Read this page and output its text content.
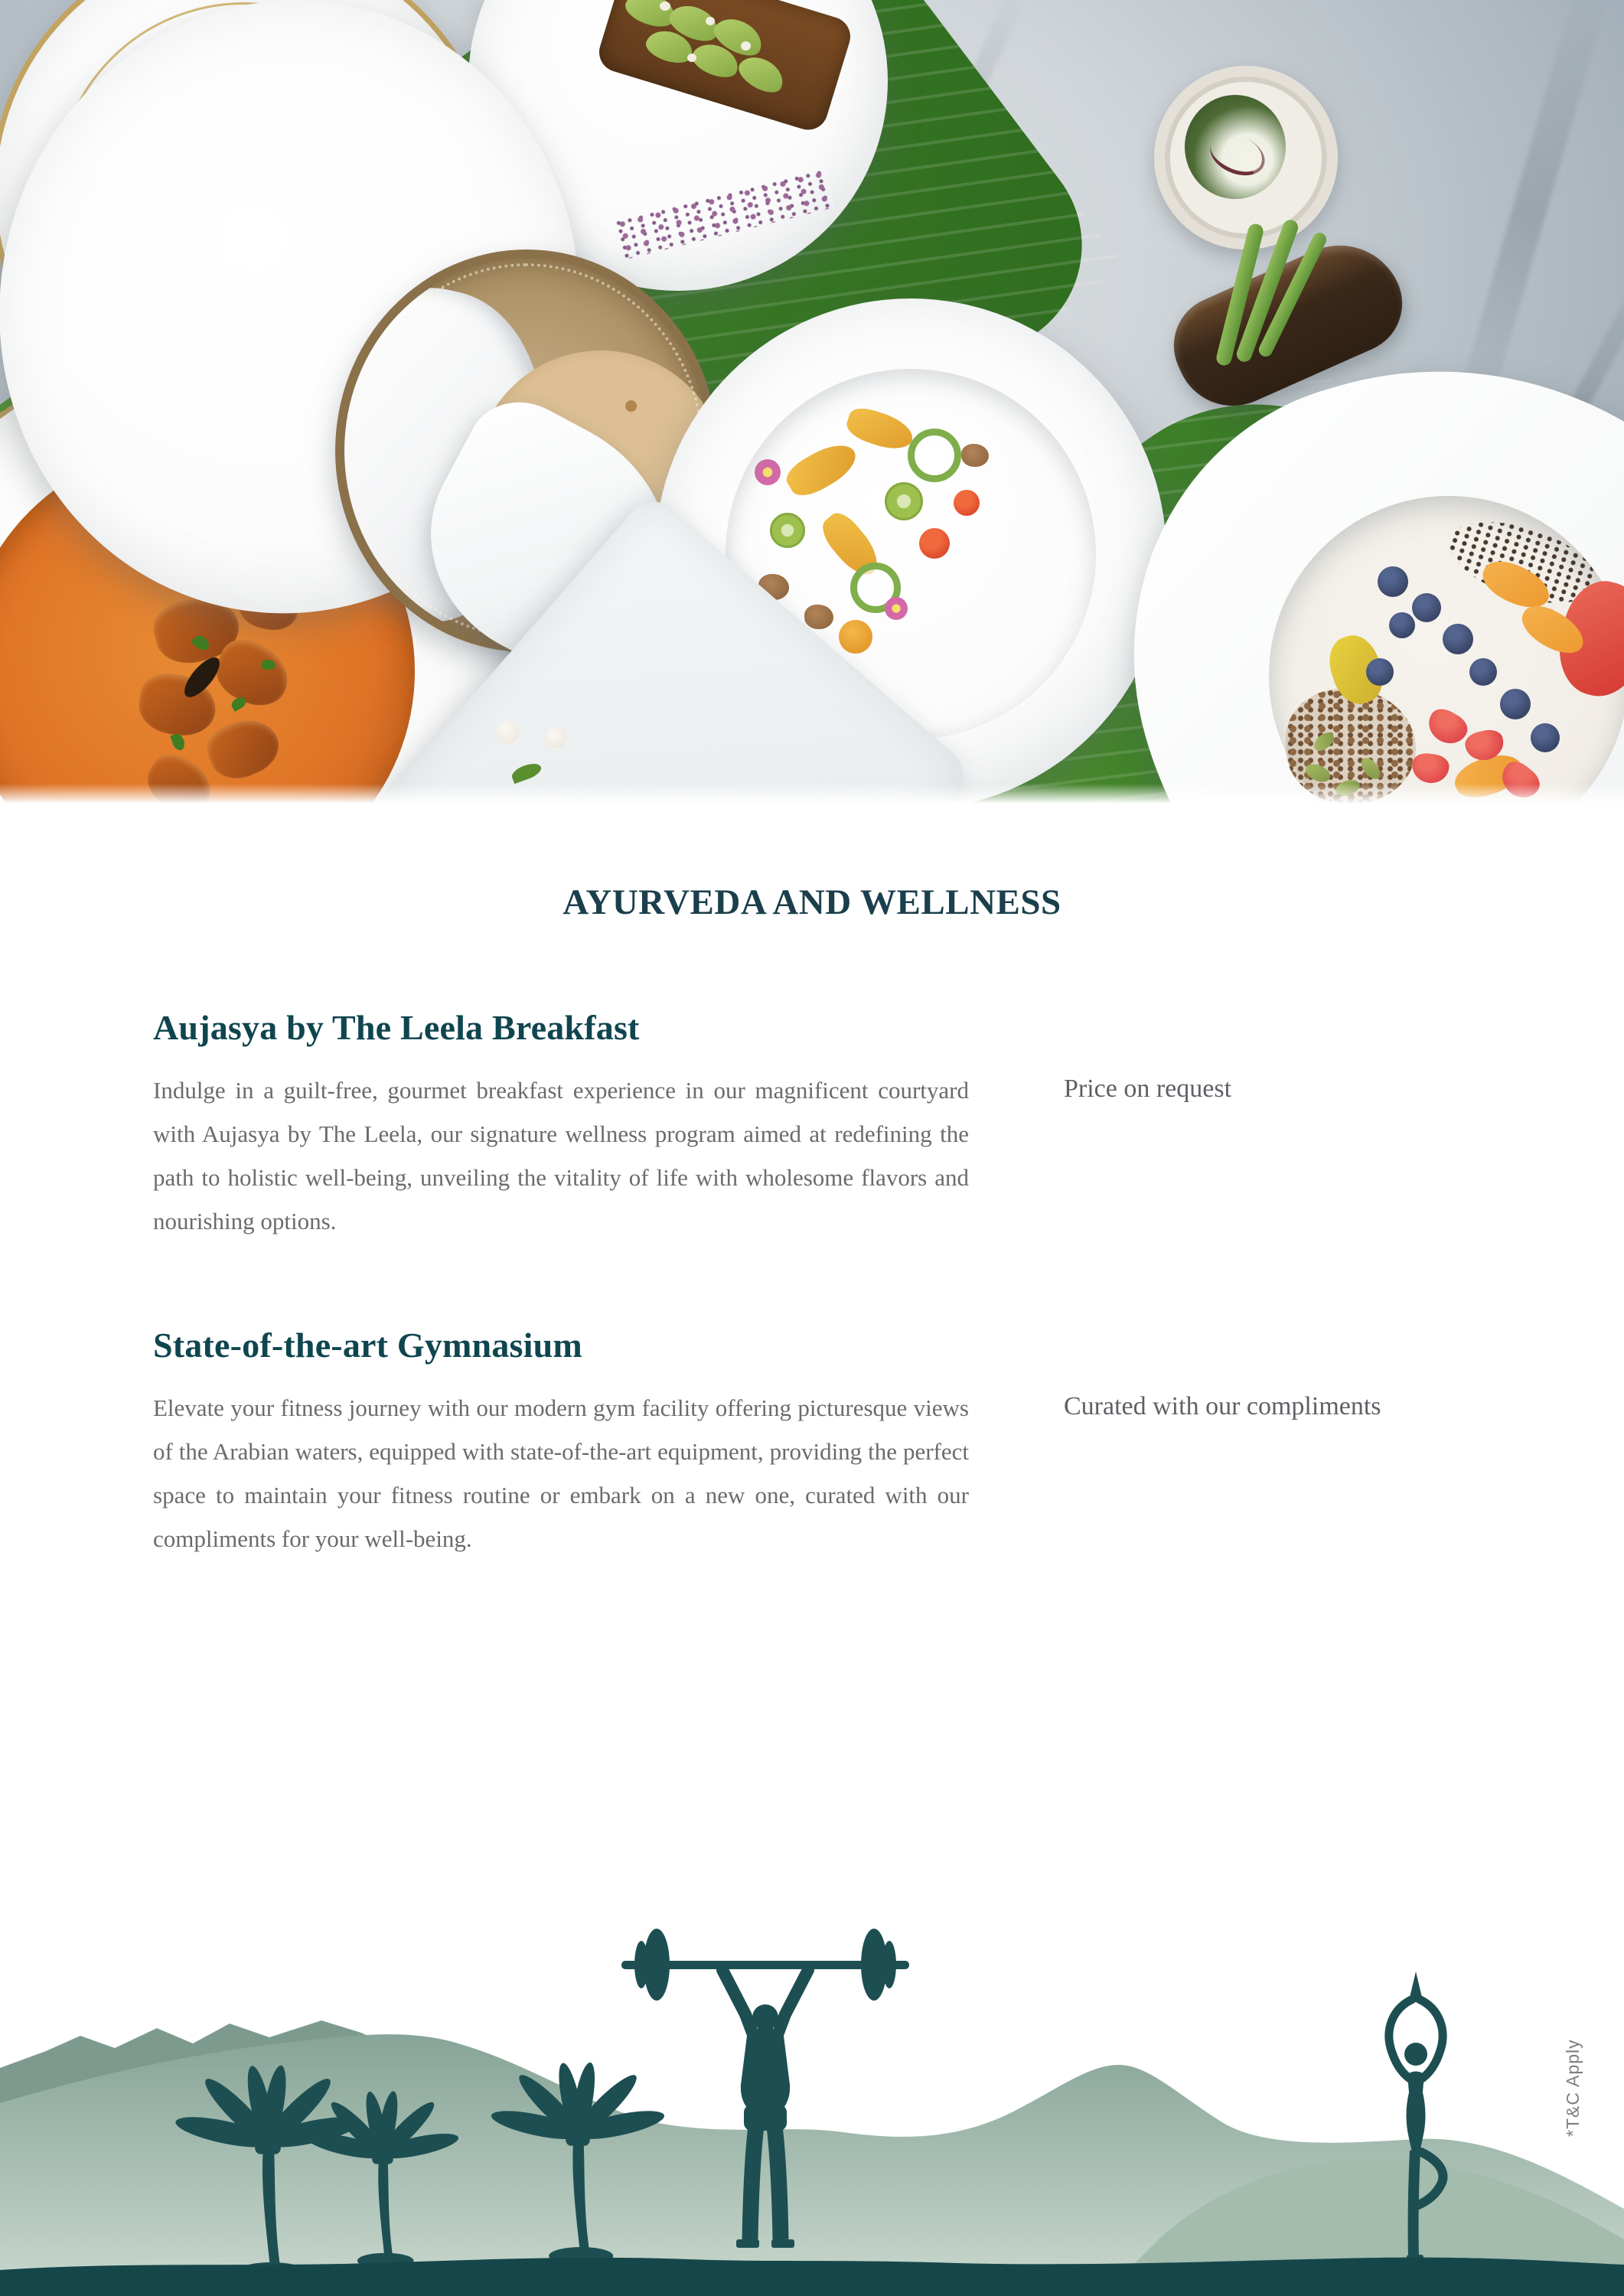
AYURVEDA AND WELLNESS
Aujasya by The Leela Breakfast

Indulge in a guilt-free, gourmet breakfast experience in our magnificent courtyard with Aujasya by The Leela, our signature wellness program aimed at redefining the path to holistic well-being, unveiling the vitality of life with wholesome flavors and nourishing options.

Price on request
State-of-the-art Gymnasium

Elevate your fitness journey with our modern gym facility offering picturesque views of the Arabian waters, equipped with state-of-the-art equipment, providing the perfect space to maintain your fitness routine or embark on a new one, curated with our compliments for your well-being.

Curated with our compliments
*T&C Apply
